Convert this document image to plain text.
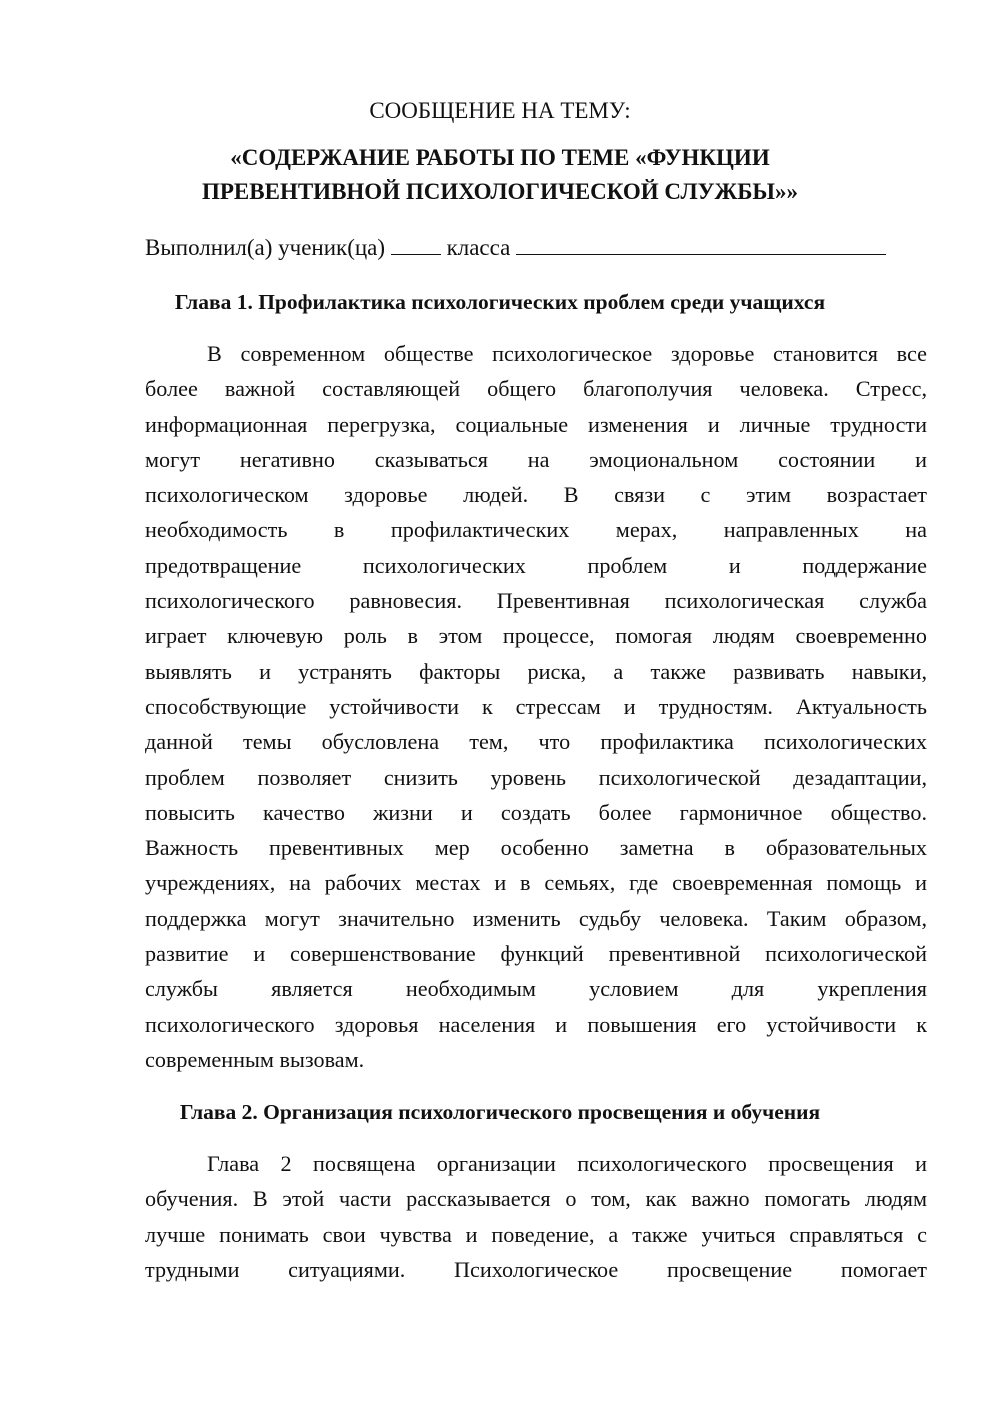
СООБЩЕНИЕ НА ТЕМУ:
«СОДЕРЖАНИЕ РАБОТЫ ПО ТЕМЕ «ФУНКЦИИ
ПРЕВЕНТИВНОЙ ПСИХОЛОГИЧЕСКОЙ СЛУЖБЫ»»
Выполнил(а) ученик(ца)	класса
Глава 1. Профилактика психологических проблем среди учащихся
В современном обществе психологическое здоровье становится все
более важной составляющей общего благополучия человека. Стресс,
информационная перегрузка, социальные изменения и личные трудности
могут негативно сказываться на эмоциональном состоянии и
психологическом здоровье людей. В связи с этим возрастает
необходимость в профилактических мерах, направленных на
предотвращение психологических проблем и поддержание
психологического равновесия. Превентивная психологическая служба
играет ключевую роль в этом процессе, помогая людям своевременно
выявлять и устранять факторы риска, а также развивать навыки,
способствующие устойчивости к стрессам и трудностям. Актуальность
данной темы обусловлена тем, что профилактика психологических
проблем позволяет снизить уровень психологической дезадаптации,
повысить качество жизни и создать более гармоничное общество.
Важность превентивных мер особенно заметна в образовательных
учреждениях, на рабочих местах и в семьях, где своевременная помощь и
поддержка могут значительно изменить судьбу человека. Таким образом,
развитие и совершенствование функций превентивной психологической
службы является необходимым условием для укрепления
психологического здоровья населения и повышения его устойчивости к
современным вызовам.
Глава 2. Организация психологического просвещения и обучения
Глава 2 посвящена организации психологического просвещения и
обучения. В этой части рассказывается о том, как важно помогать людям
лучше понимать свои чувства и поведение, а также учиться справляться с
трудными ситуациями. Психологическое просвещение помогает
